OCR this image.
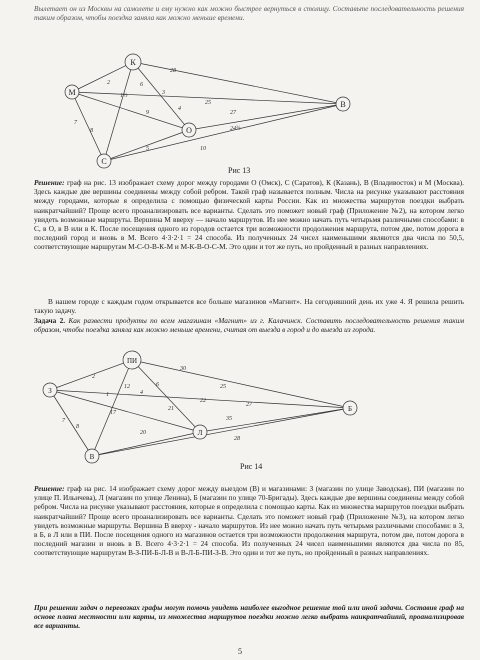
Вылетает он из Москвы на самолете и ему нужно как можно быстрее вернуться в столицу. Составьте последовательность решения таким образом, чтобы поездка заняла как можно меньше времени.

М
К
С
О
В
2
7
8
1½
6
3
9
4
5
28
25
27
24½
10
Рис 13

Решение: граф на рис. 13 изображает схему дорог между городами О (Омск), С (Саратов), К (Казань), В (Владивосток) и М (Москва). Здесь каждые две вершины соединены между собой ребром. Такой граф называется полным. Числа на рисунке указывают расстояния между городами, которые я определила с помощью физической карты России. Как из множества маршрутов поездки выбрать наикратчайший? Проще всего проанализировать все варианты. Сделать это поможет новый граф (Приложение №2), на котором легко увидеть возможные маршруты. Вершина М вверху — начало маршрутов. Из нее можно начать путь четырьмя различными способами: в С, в О, в В или в К. После посещения одного из городов остается три возможности продолжения маршрута, потом две, потом дорога в последний город и вновь в М. Всего 4·3·2·1 = 24 способа. Из полученных 24 чисел наименьшими являются два числа по 50,5, соответствующие маршрутам М-С-О-В-К-М и М-К-В-О-С-М. Это один и тот же путь, но пройденный в разных направлениях.

В нашем городе с каждым годом открывается все больше магазинов «Магнит». На сегодняшний день их уже 4. Я решила решить такую задачу.

Задача 2. Как развести продукты по всем магазинам «Магнит» из г. Калачинск. Составить последовательность решения таким образом, чтобы поездка заняла как можно меньше времени, считая от выезда в город и до выезда из города.

З
ПИ
Л
В
Б
2
7
8
1
12
4
6
17
21
20
30
22
35
25
27
28
Рис 14

Решение: граф на рис. 14 изображает схему дорог между выездом (В) и магазинами: З (магазин по улице Заводская), ПИ (магазин по улице П. Ильичева), Л (магазин по улице Ленина), Б (магазин по улице 70-Бригады). Здесь каждые две вершины соединены между собой ребром. Числа на рисунке указывают расстояния, которые я определила с помощью карты. Как из множества маршрутов поездки выбрать наикратчайший? Проще всего проанализировать все варианты. Сделать это поможет новый граф (Приложение №3), на котором легко увидеть возможные маршруты. Вершина В вверху - начало маршрутов. Из нее можно начать путь четырьмя различными способами: в З, в Б, в Л или в ПИ. После посещения одного из магазинов остается три возможности продолжения маршрута, потом две, потом дорога в последний магазин и вновь в В. Всего 4·3·2·1 = 24 способа. Из полученных 24 чисел наименьшими являются два числа по 85, соответствующие маршрутам В-З-ПИ-Б-Л-В и В-Л-Б-ПИ-З-В. Это один и тот же путь, но пройденный в разных направлениях.

При решении задач о перевозках графы могут помочь увидеть наиболее выгодное решение той или иной задачи. Составив граф на основе плана местности или карты, из множества маршрутов поездки можно легко выбрать наикратчайший, проанализировав все варианты.

5
